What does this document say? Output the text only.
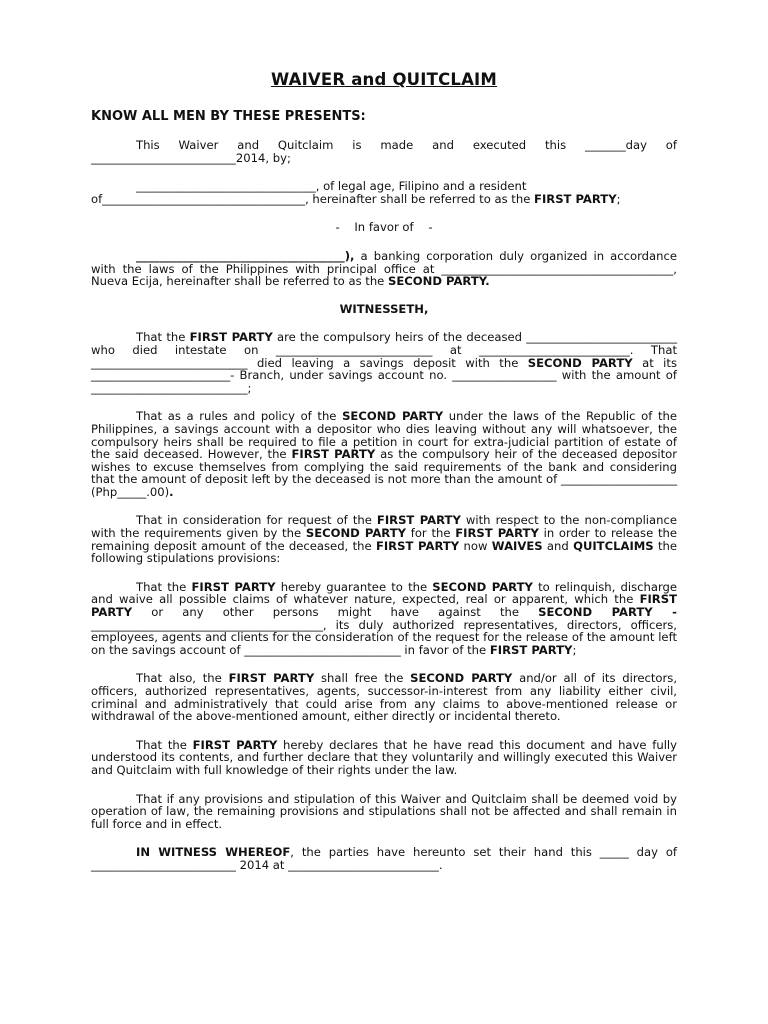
WAIVER and QUITCLAIM

KNOW ALL MEN BY THESE PRESENTS:

This Waiver and Quitclaim is made and executed this _______day of _________________________2014, by;

_______________________________, of legal age, Filipino and a resident

of___________________________________, hereinafter shall be referred to as the FIRST PARTY;

-    In favor of    -

____________________________________), a banking corporation duly organized in accordance with the laws of the Philippines with principal office at ________________________________________, Nueva Ecija, hereinafter shall be referred to as the SECOND PARTY.

WITNESSETH,

That the FIRST PARTY are the compulsory heirs of the deceased __________________________ who died intestate on ___________________________ at __________________________. That ___________________________ died leaving a savings deposit with the SECOND PARTY at its ________________________- Branch, under savings account no. __________________ with the amount of ___________________________;

That as a rules and policy of the SECOND PARTY under the laws of the Republic of the Philippines, a savings account with a depositor who dies leaving without any will whatsoever, the compulsory heirs shall be required to file a petition in court for extra-judicial partition of estate of the said deceased. However, the FIRST PARTY as the compulsory heir of the deceased depositor wishes to excuse themselves from complying the said requirements of the bank and considering that the amount of deposit left by the deceased is not more than the amount of ____________________ (Php_____.00).

That in consideration for request of the FIRST PARTY with respect to the non-compliance with the requirements given by the SECOND PARTY for the FIRST PARTY in order to release the remaining deposit amount of the deceased, the FIRST PARTY now WAIVES and QUITCLAIMS the following stipulations provisions:

That the FIRST PARTY hereby guarantee to the SECOND PARTY to relinquish, discharge and waive all possible claims of whatever nature, expected, real or apparent, which the FIRST PARTY or any other persons might have against the SECOND PARTY - ________________________________________, its duly authorized representatives, directors, officers, employees, agents and clients for the consideration of the request for the release of the amount left on the savings account of ___________________________ in favor of the FIRST PARTY;

That also, the FIRST PARTY shall free the SECOND PARTY and/or all of its directors, officers, authorized representatives, agents, successor-in-interest from any liability either civil, criminal and administratively that could arise from any claims to above-mentioned release or withdrawal of the above-mentioned amount, either directly or incidental thereto.

That the FIRST PARTY hereby declares that he have read this document and have fully understood its contents, and further declare that they voluntarily and willingly executed this Waiver and Quitclaim with full knowledge of their rights under the law.

That if any provisions and stipulation of this Waiver and Quitclaim shall be deemed void by operation of law, the remaining provisions and stipulations shall not be affected and shall remain in full force and in effect.

IN WITNESS WHEREOF, the parties have hereunto set their hand this _____ day of _________________________ 2014 at __________________________.
